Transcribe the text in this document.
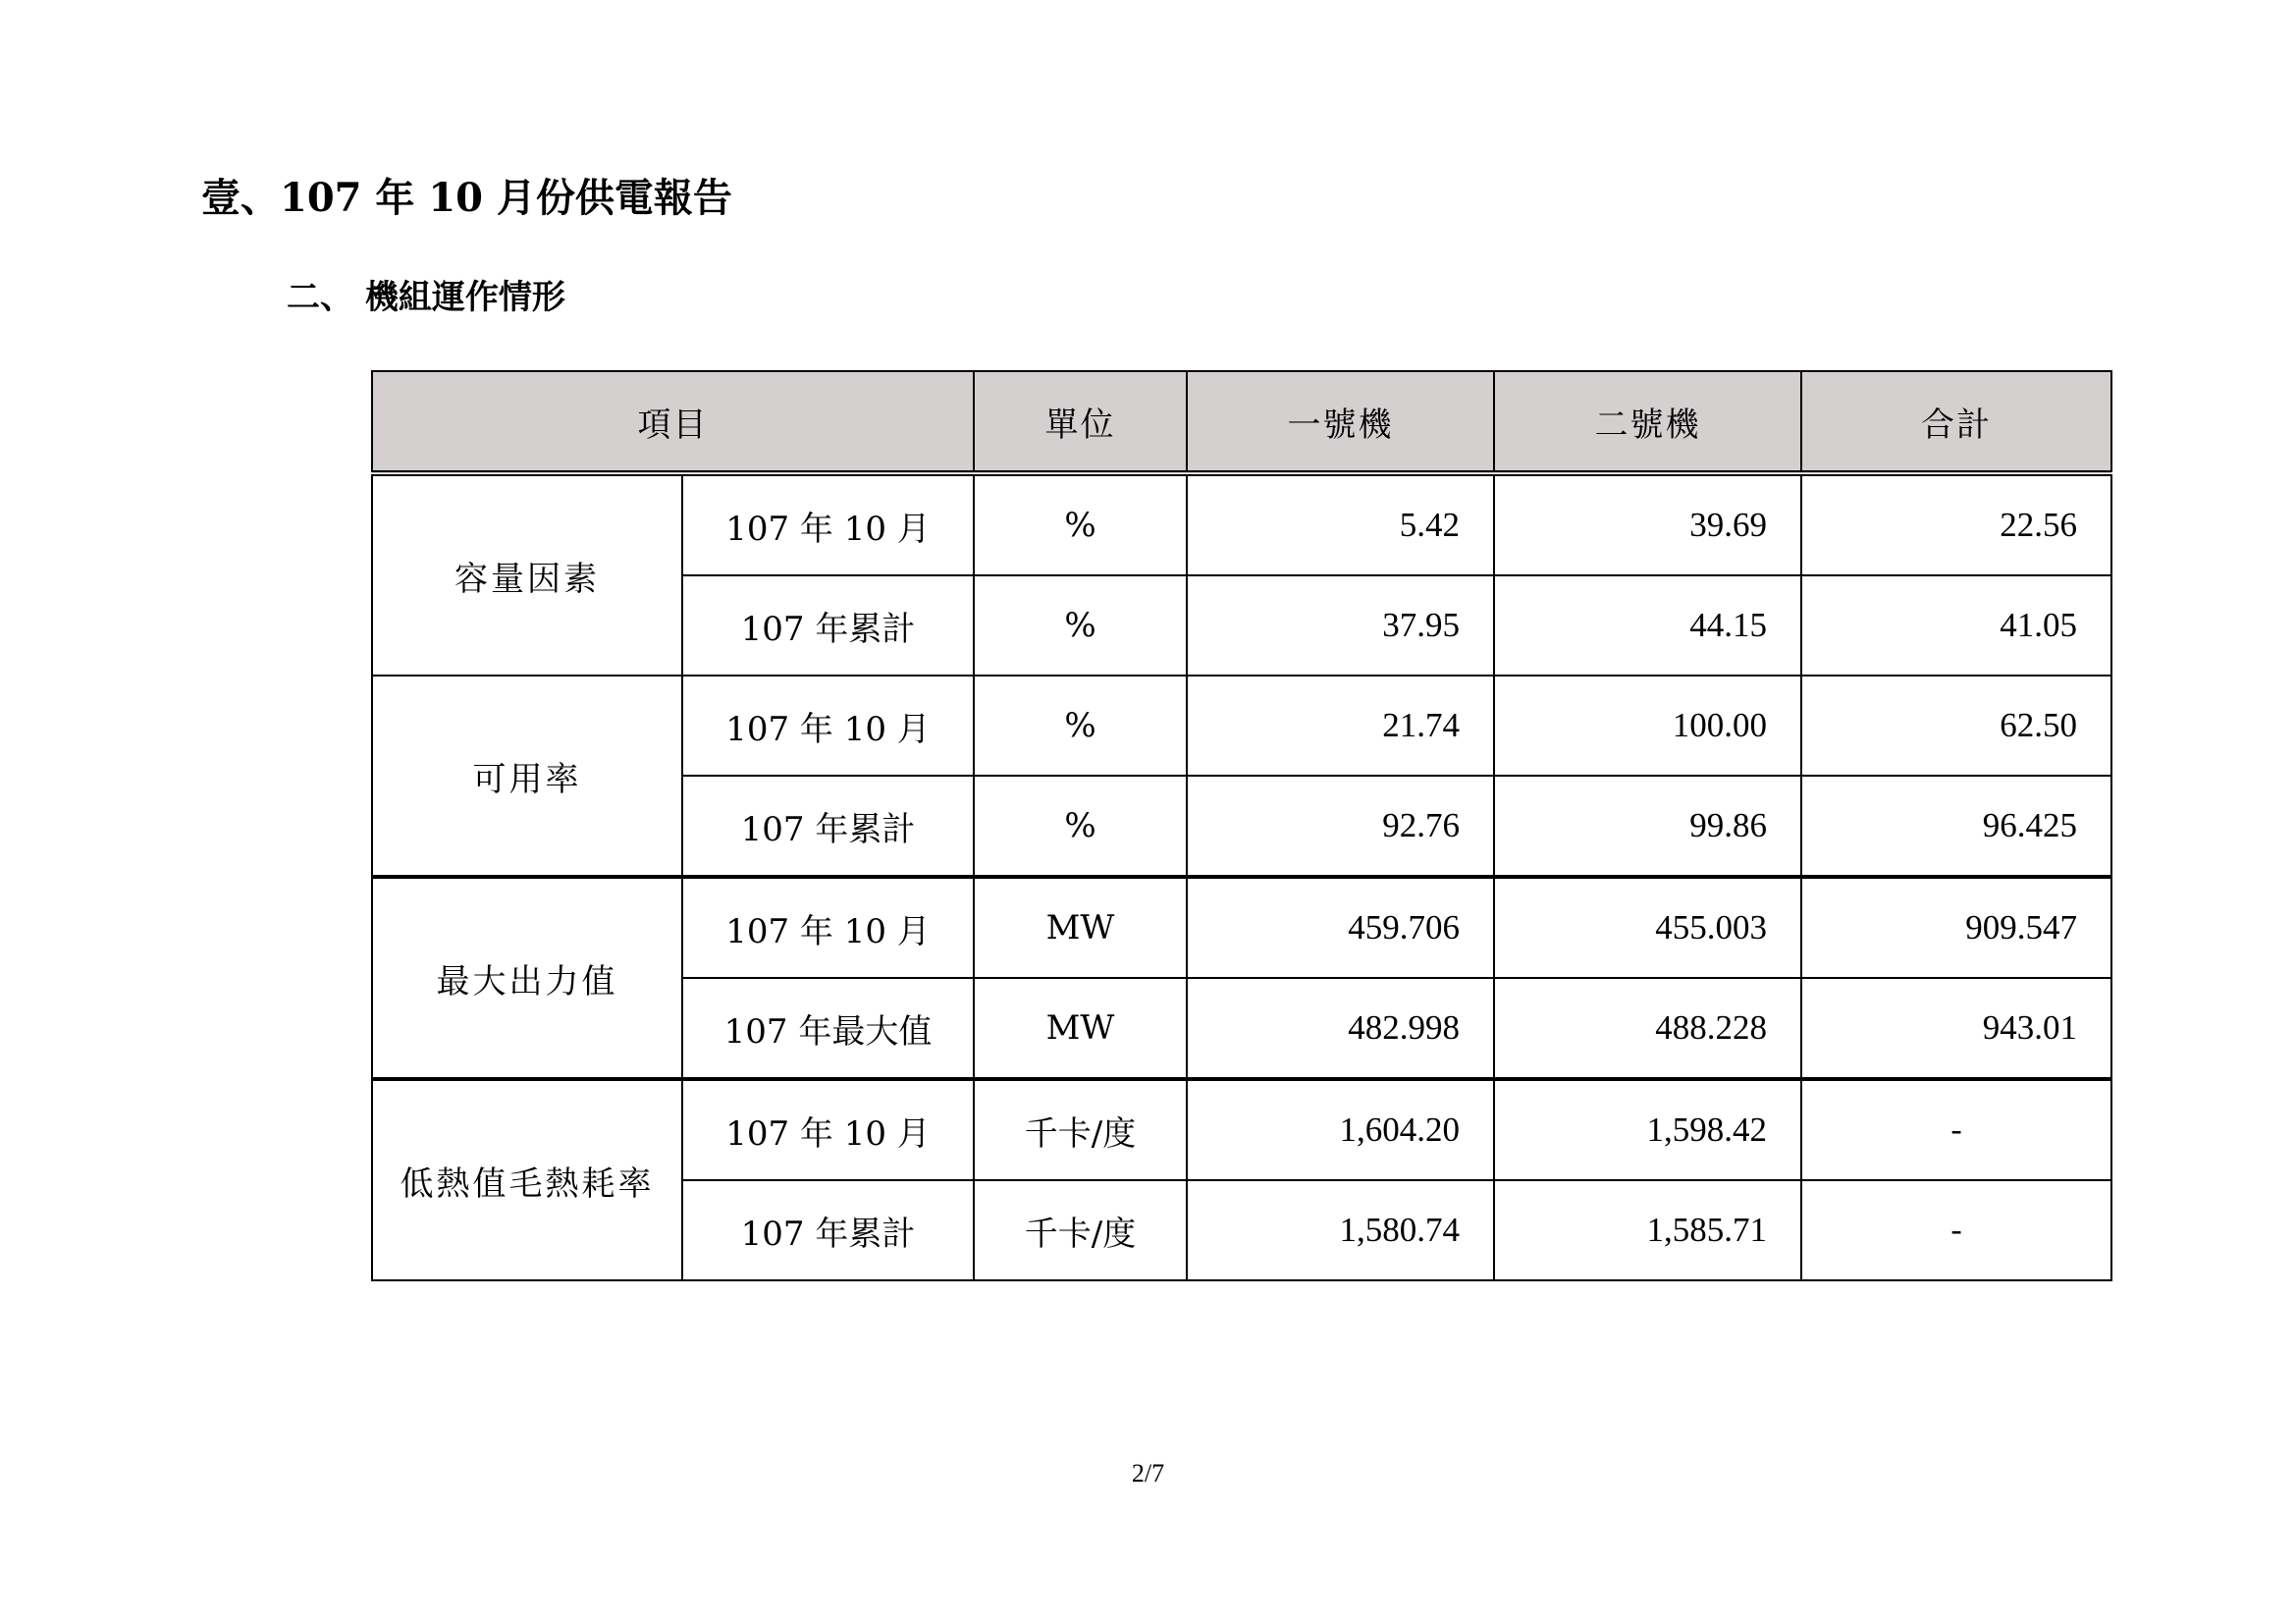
壹、107 年 10 月份供電報告
二、 機組運作情形
項目		單位	一號機	二號機	合計
容量因素	107 年 10 月	%	5.42	39.69	22.56
	107 年累計	%	37.95	44.15	41.05
可用率	107 年 10 月	%	21.74	100.00	62.50
	107 年累計	%	92.76	99.86	96.425
最大出力值	107 年 10 月	MW	459.706	455.003	909.547
	107 年最大值	MW	482.998	488.228	943.01
低熱值毛熱耗率	107 年 10 月	千卡/度	1,604.20	1,598.42	-
	107 年累計	千卡/度	1,580.74	1,585.71	-
2/7
